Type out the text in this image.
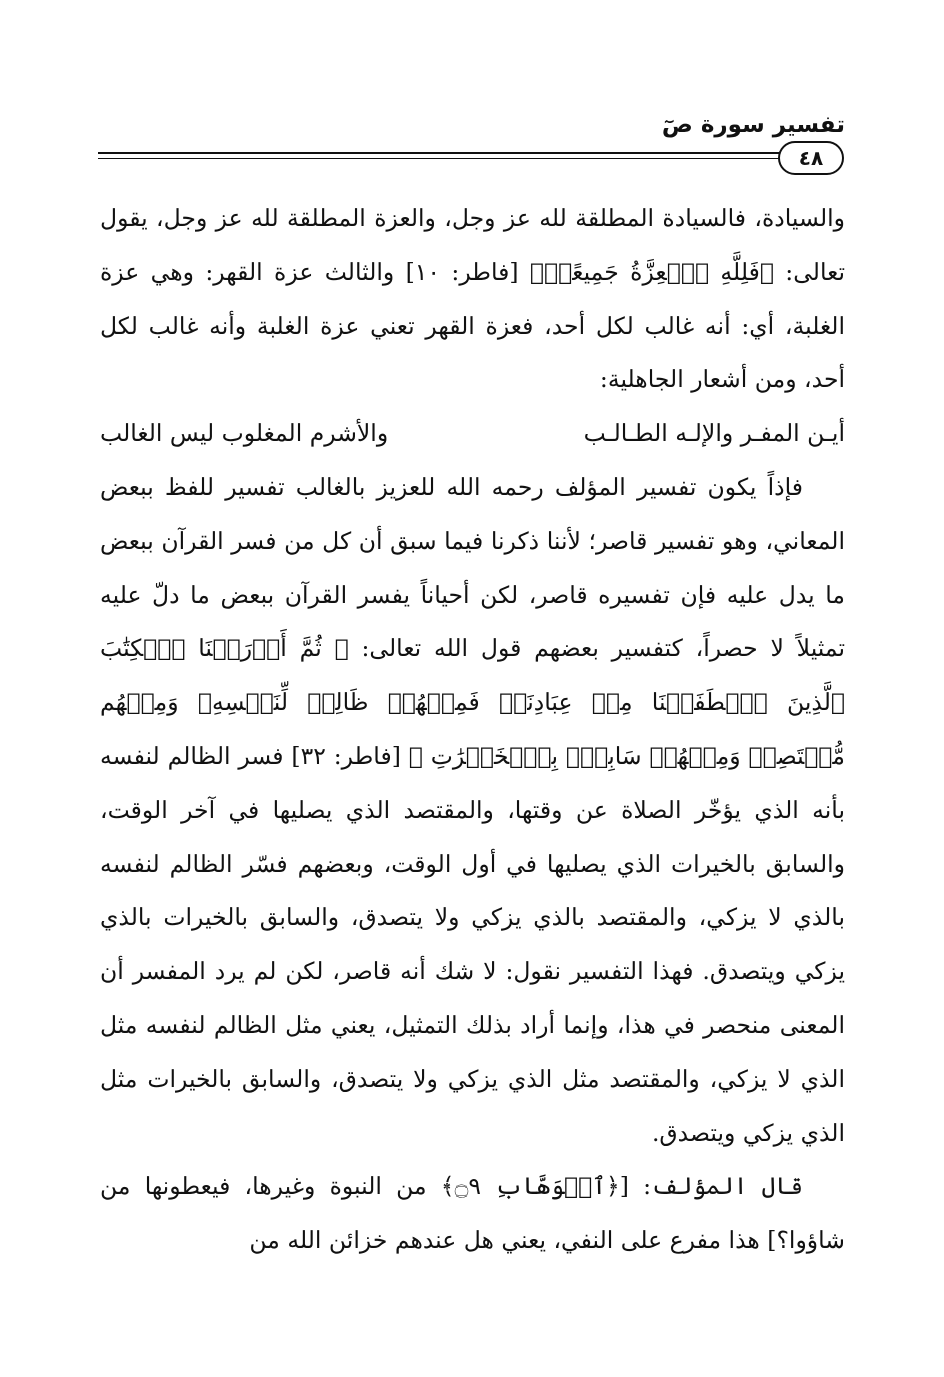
تفسير سورة صٓ
٤٨

والسيادة، فالسيادة المطلقة لله عز وجل، والعزة المطلقة لله عز وجل، يقول تعالى: ﴿فَلِلَّهِ ٱلۡعِزَّةُ جَمِيعًاۚ﴾ [فاطر: ١٠] والثالث عزة القهر: وهي عزة الغلبة، أي: أنه غالب لكل أحد، فعزة القهر تعني عزة الغلبة وأنه غالب لكل أحد، ومن أشعار الجاهلية:

أيـن المفـر والإلـه الطـالـب
والأشرم المغلوب ليس الغالب

فإذاً يكون تفسير المؤلف رحمه الله للعزيز بالغالب تفسير للفظ ببعض المعاني، وهو تفسير قاصر؛ لأننا ذكرنا فيما سبق أن كل من فسر القرآن ببعض ما يدل عليه فإن تفسيره قاصر، لكن أحياناً يفسر القرآن ببعض ما دلّ عليه تمثيلاً لا حصراً، كتفسير بعضهم قول الله تعالى: ﴿ ثُمَّ أَوۡرَثۡنَا ٱلۡكِتَٰبَ ٱلَّذِينَ ٱصۡطَفَيۡنَا مِنۡ عِبَادِنَاۖ فَمِنۡهُمۡ ظَالِمٞ لِّنَفۡسِهِۦ وَمِنۡهُم مُّقۡتَصِدٞ وَمِنۡهُمۡ سَابِقُۢ بِٱلۡخَيۡرَٰتِ ﴾ [فاطر: ٣٢] فسر الظالم لنفسه بأنه الذي يؤخّر الصلاة عن وقتها، والمقتصد الذي يصليها في آخر الوقت، والسابق بالخيرات الذي يصليها في أول الوقت، وبعضهم فسّر الظالم لنفسه بالذي لا يزكي، والمقتصد بالذي يزكي ولا يتصدق، والسابق بالخيرات بالذي يزكي ويتصدق. فهذا التفسير نقول: لا شك أنه قاصر، لكن لم يرد المفسر أن المعنى منحصر في هذا، وإنما أراد بذلك التمثيل، يعني مثل الظالم لنفسه مثل الذي لا يزكي، والمقتصد مثل الذي يزكي ولا يتصدق، والسابق بالخيرات مثل الذي يزكي ويتصدق.

قال المؤلف: [﴿ٱلۡوَهَّابِ ۝٩﴾ من النبوة وغيرها، فيعطونها من شاؤوا؟] هذا مفرع على النفي، يعني هل عندهم خزائن الله من
